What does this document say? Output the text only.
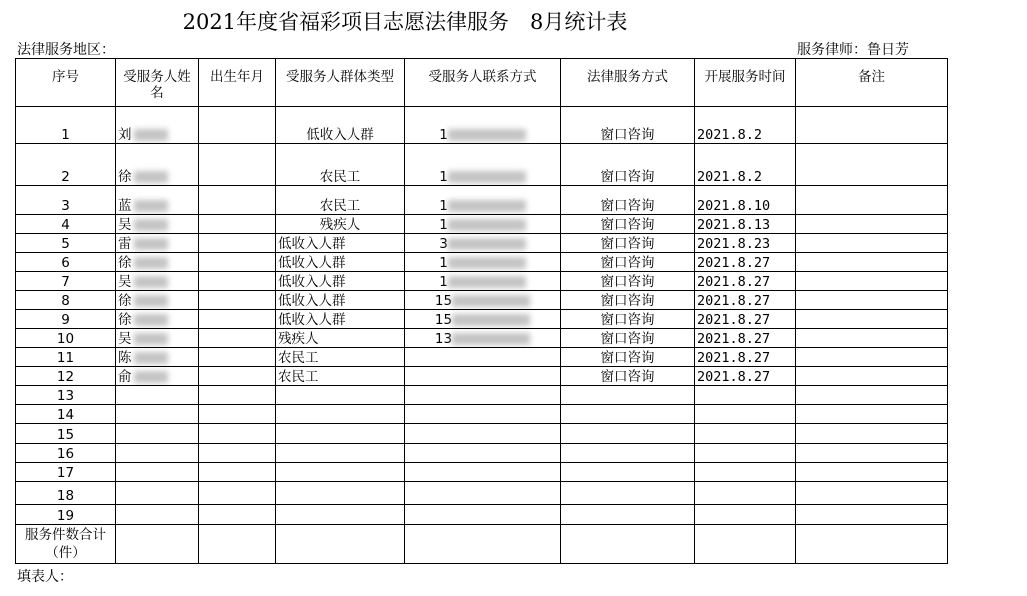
2021年度省福彩项目志愿法律服务　8月统计表
法律服务地区：	服务律师：鲁日芳
序号	受服务人姓名	出生年月	受服务人群体类型	受服务人联系方式	法律服务方式	开展服务时间	备注
1	刘		低收入人群	1	窗口咨询	2021.8.2	
2	徐		农民工	1	窗口咨询	2021.8.2	
3	蓝		农民工	1	窗口咨询	2021.8.10	
4	吴		残疾人	1	窗口咨询	2021.8.13	
5	雷		低收入人群	3	窗口咨询	2021.8.23	
6	徐		低收入人群	1	窗口咨询	2021.8.27	
7	吴		低收入人群	1	窗口咨询	2021.8.27	
8	徐		低收入人群	15	窗口咨询	2021.8.27	
9	徐		低收入人群	15	窗口咨询	2021.8.27	
10	吴		残疾人	13	窗口咨询	2021.8.27	
11	陈		农民工		窗口咨询	2021.8.27	
12	俞		农民工		窗口咨询	2021.8.27	
13							
14							
15							
16							
17							
18							
19							
服务件数合计（件）							
填表人：
